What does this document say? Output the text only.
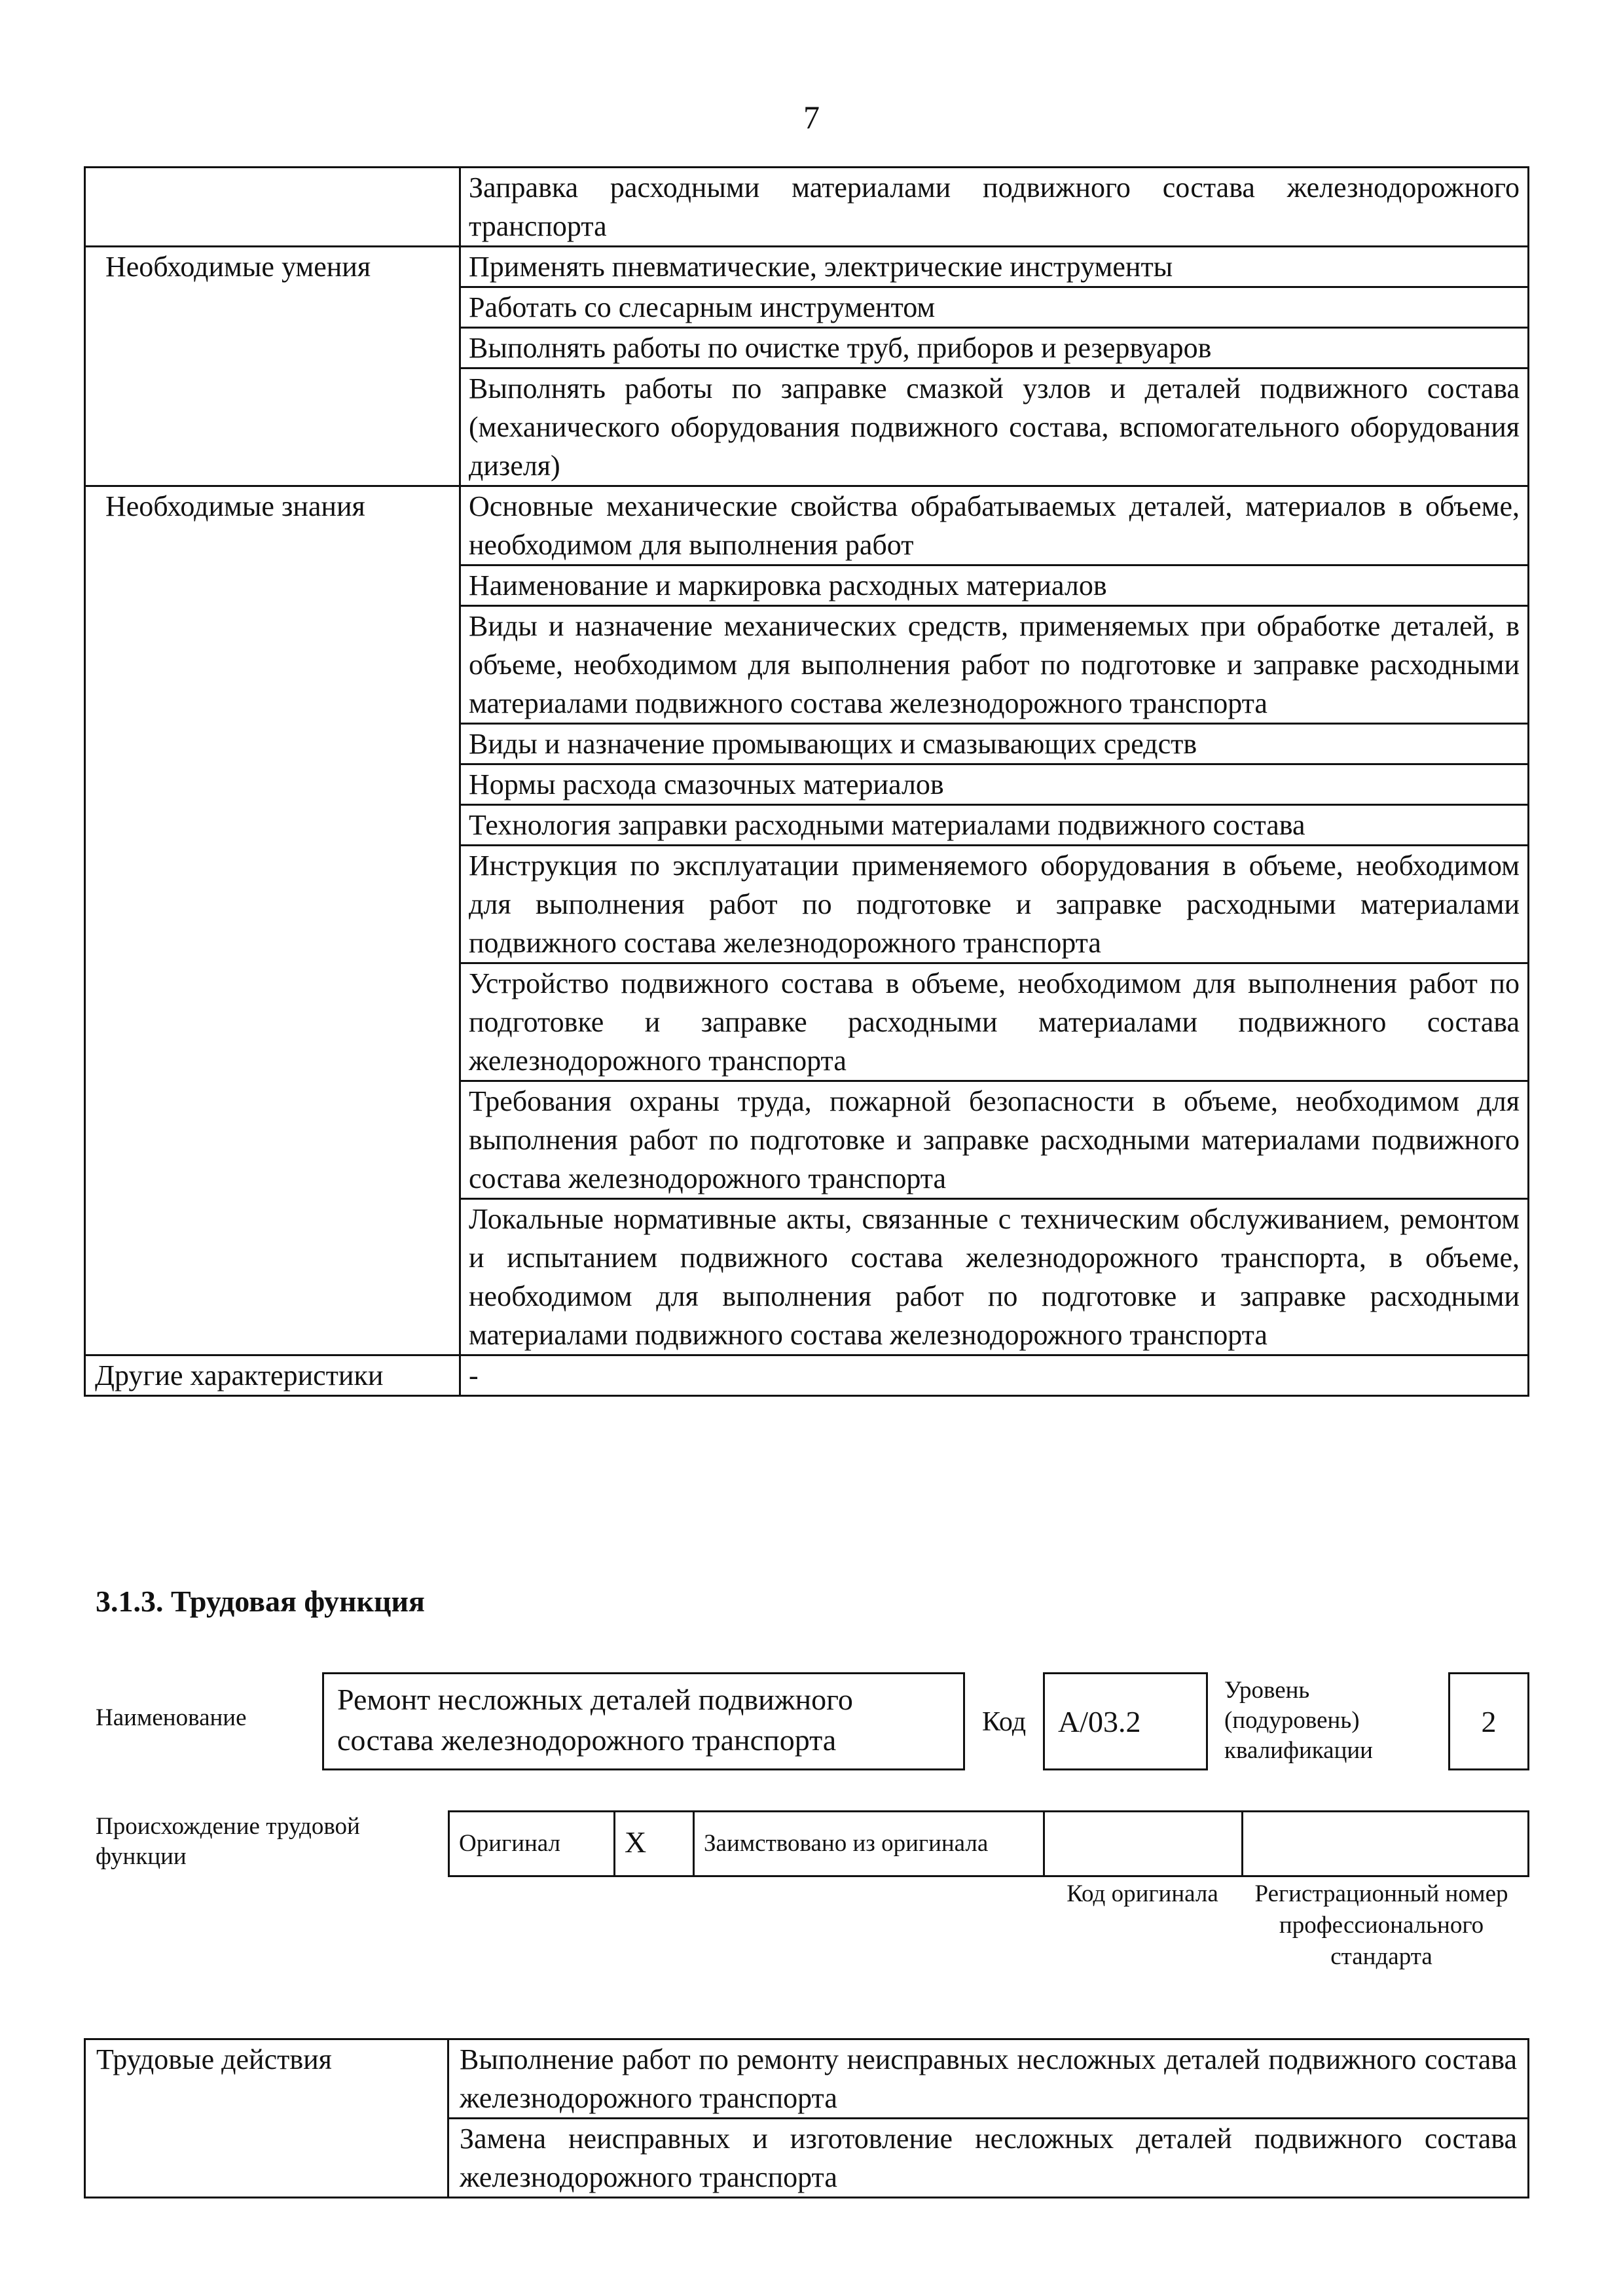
7
	Заправка расходными материалами подвижного состава железнодорожного транспорта
Необходимые умения	Применять пневматические, электрические инструменты
	Работать со слесарным инструментом
	Выполнять работы по очистке труб, приборов и резервуаров
	Выполнять работы по заправке смазкой узлов и деталей подвижного состава (механического оборудования подвижного состава, вспомогательного оборудования дизеля)
Необходимые знания	Основные механические свойства обрабатываемых деталей, материалов в объеме, необходимом для выполнения работ
	Наименование и маркировка расходных материалов
	Виды и назначение механических средств, применяемых при обработке деталей, в объеме, необходимом для выполнения работ по подготовке и заправке расходными материалами подвижного состава железнодорожного транспорта
	Виды и назначение промывающих и смазывающих средств
	Нормы расхода смазочных материалов
	Технология заправки расходными материалами подвижного состава
	Инструкция по эксплуатации применяемого оборудования в объеме, необходимом для выполнения работ по подготовке и заправке расходными материалами подвижного состава железнодорожного транспорта
	Устройство подвижного состава в объеме, необходимом для выполнения работ по подготовке и заправке расходными материалами подвижного состава железнодорожного транспорта
	Требования охраны труда, пожарной безопасности в объеме, необходимом для выполнения работ по подготовке и заправке расходными материалами подвижного состава железнодорожного транспорта
	Локальные нормативные акты, связанные с техническим обслуживанием, ремонтом и испытанием подвижного состава железнодорожного транспорта, в объеме, необходимом для выполнения работ по подготовке и заправке расходными материалами подвижного состава железнодорожного транспорта
Другие характеристики	-
3.1.3. Трудовая функция
Наименование
Ремонт несложных деталей подвижного состава железнодорожного транспорта
Код	А/03.2
Уровень (подуровень) квалификации
2
Происхождение трудовой функции	Оригинал	X	Заимствовано из оригинала		
Код оригинала	Регистрационный номер профессионального стандарта
Трудовые действия	Выполнение работ по ремонту неисправных несложных деталей подвижного состава железнодорожного транспорта
Замена неисправных и изготовление несложных деталей подвижного состава железнодорожного транспорта
